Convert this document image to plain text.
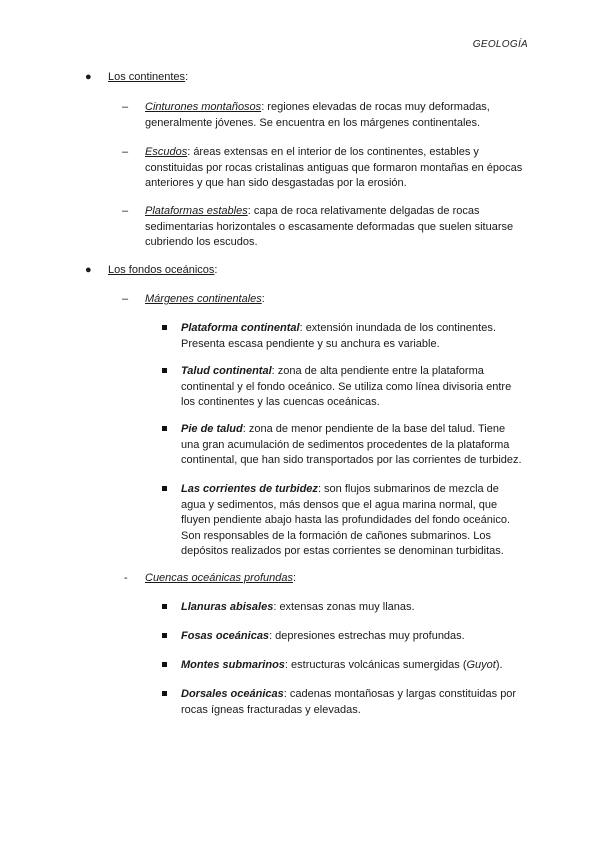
GEOLOGÍA
● Los continentes:
– Cinturones montañosos: regiones elevadas de rocas muy deformadas,
generalmente jóvenes. Se encuentra en los márgenes continentales.
– Escudos: áreas extensas en el interior de los continentes, estables y
constituidas por rocas cristalinas antiguas que formaron montañas en épocas
anteriores y que han sido desgastadas por la erosión.
– Plataformas estables: capa de roca relativamente delgadas de rocas
sedimentarias horizontales o escasamente deformadas que suelen situarse
cubriendo los escudos.
● Los fondos oceánicos:
– Márgenes continentales:
Plataforma continental: extensión inundada de los continentes.
Presenta escasa pendiente y su anchura es variable.
Talud continental: zona de alta pendiente entre la plataforma
continental y el fondo oceánico. Se utiliza como línea divisoria entre
los continentes y las cuencas oceánicas.
Pie de talud: zona de menor pendiente de la base del talud. Tiene
una gran acumulación de sedimentos procedentes de la plataforma
continental, que han sido transportados por las corrientes de turbidez.
Las corrientes de turbidez: son flujos submarinos de mezcla de
agua y sedimentos, más densos que el agua marina normal, que
fluyen pendiente abajo hasta las profundidades del fondo oceánico.
Son responsables de la formación de cañones submarinos. Los
depósitos realizados por estas corrientes se denominan turbiditas.
- Cuencas oceánicas profundas:
Llanuras abisales: extensas zonas muy llanas.
Fosas oceánicas: depresiones estrechas muy profundas.
Montes submarinos: estructuras volcánicas sumergidas (Guyot).
Dorsales oceánicas: cadenas montañosas y largas constituidas por
rocas ígneas fracturadas y elevadas.
